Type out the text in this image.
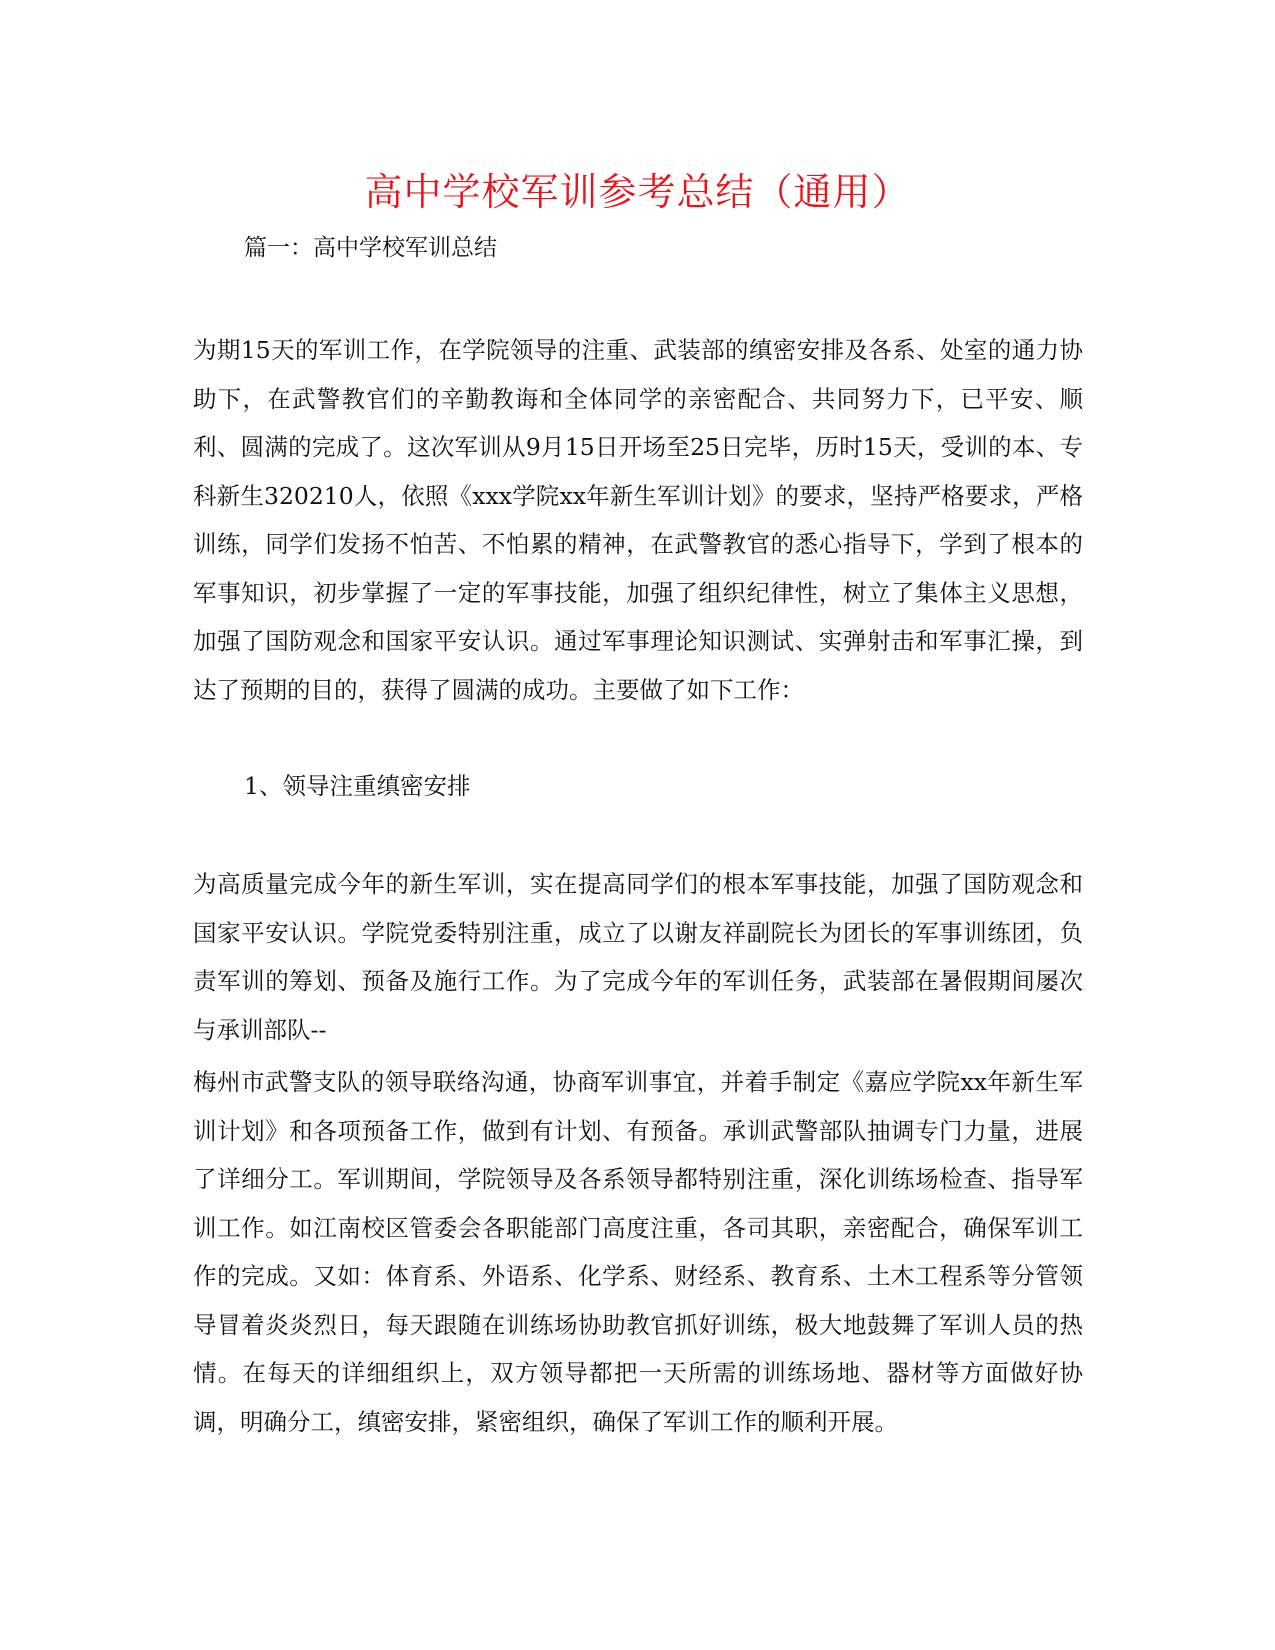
高中学校军训参考总结（通用）

篇一：高中学校军训总结

为期15天的军训工作，在学院领导的注重、武装部的缜密安排及各系、处室的通力协助下，在武警教官们的辛勤教诲和全体同学的亲密配合、共同努力下，已平安、顺利、圆满的完成了。这次军训从9月15日开场至25日完毕，历时15天，受训的本、专科新生320210人，依照《xxx学院xx年新生军训计划》的要求，坚持严格要求，严格训练，同学们发扬不怕苦、不怕累的精神，在武警教官的悉心指导下，学到了根本的军事知识，初步掌握了一定的军事技能，加强了组织纪律性，树立了集体主义思想，加强了国防观念和国家平安认识。通过军事理论知识测试、实弹射击和军事汇操，到达了预期的目的，获得了圆满的成功。主要做了如下工作：

1、领导注重缜密安排

为高质量完成今年的新生军训，实在提高同学们的根本军事技能，加强了国防观念和国家平安认识。学院党委特别注重，成立了以谢友祥副院长为团长的军事训练团，负责军训的筹划、预备及施行工作。为了完成今年的军训任务，武装部在暑假期间屡次与承训部队--

梅州市武警支队的领导联络沟通，协商军训事宜，并着手制定《嘉应学院xx年新生军训计划》和各项预备工作，做到有计划、有预备。承训武警部队抽调专门力量，进展了详细分工。军训期间，学院领导及各系领导都特别注重，深化训练场检查、指导军训工作。如江南校区管委会各职能部门高度注重，各司其职，亲密配合，确保军训工作的完成。又如：体育系、外语系、化学系、财经系、教育系、土木工程系等分管领导冒着炎炎烈日，每天跟随在训练场协助教官抓好训练，极大地鼓舞了军训人员的热情。在每天的详细组织上，双方领导都把一天所需的训练场地、器材等方面做好协调，明确分工，缜密安排，紧密组织，确保了军训工作的顺利开展。
